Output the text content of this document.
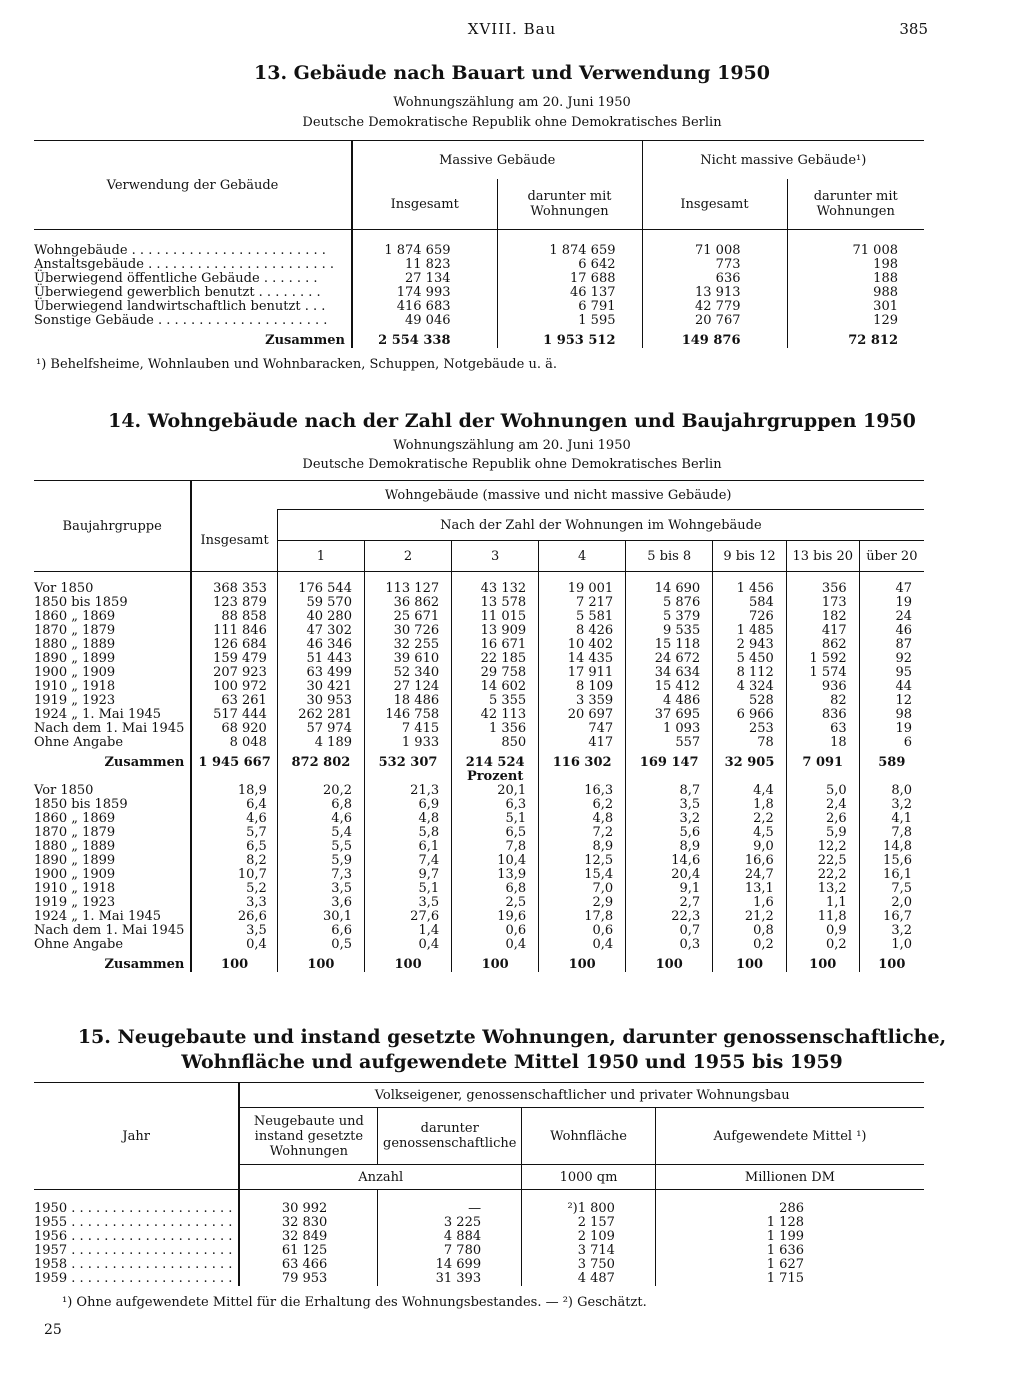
XVIII. Bau	385
13. Gebäude nach Bauart und Verwendung 1950
Wohnungszählung am 20. Juni 1950
Deutsche Demokratische Republik ohne Demokratisches Berlin
Verwendung der Gebäude	Massive Gebäude		Nicht massive Gebäude¹)	
	Insgesamt	darunter mit Wohnungen	Insgesamt	darunter mit Wohnungen

Wohngebäude . . . . . . . . . . . . . . . . . . . . . . . .	1 874 659	1 874 659	71 008	71 008
Anstaltsgebäude . . . . . . . . . . . . . . . . . . . . . . .	11 823	6 642	773	198
Überwiegend öffentliche Gebäude . . . . . . .	27 134	17 688	636	188
Überwiegend gewerblich benutzt . . . . . . . .	174 993	46 137	13 913	988
Überwiegend landwirtschaftlich benutzt . . .	416 683	6 791	42 779	301
Sonstige Gebäude . . . . . . . . . . . . . . . . . . . . .	49 046	1 595	20 767	129
Zusammen	2 554 338	1 953 512	149 876	72 812
¹) Behelfsheime, Wohnlauben und Wohnbaracken, Schuppen, Notgebäude u. ä.
14. Wohngebäude nach der Zahl der Wohnungen und Baujahrgruppen 1950
Wohnungszählung am 20. Juni 1950
Deutsche Demokratische Republik ohne Demokratisches Berlin
Baujahrgruppe	Wohngebäude (massive und nicht massive Gebäude)								
	Insgesamt	Nach der Zahl der Wohnungen im Wohngebäude							
		1	2	3	4	5 bis 8	9 bis 12	13 bis 20	über 20

Vor 1850	368 353	176 544	113 127	43 132	19 001	14 690	1 456	356	47
1850 bis 1859	123 879	59 570	36 862	13 578	7 217	5 876	584	173	19
1860 „ 1869	88 858	40 280	25 671	11 015	5 581	5 379	726	182	24
1870 „ 1879	111 846	47 302	30 726	13 909	8 426	9 535	1 485	417	46
1880 „ 1889	126 684	46 346	32 255	16 671	10 402	15 118	2 943	862	87
1890 „ 1899	159 479	51 443	39 610	22 185	14 435	24 672	5 450	1 592	92
1900 „ 1909	207 923	63 499	52 340	29 758	17 911	34 634	8 112	1 574	95
1910 „ 1918	100 972	30 421	27 124	14 602	8 109	15 412	4 324	936	44
1919 „ 1923	63 261	30 953	18 486	5 355	3 359	4 486	528	82	12
1924 „ 1. Mai 1945	517 444	262 281	146 758	42 113	20 697	37 695	6 966	836	98
Nach dem 1. Mai 1945	68 920	57 974	7 415	1 356	747	1 093	253	63	19
Ohne Angabe	8 048	4 189	1 933	850	417	557	78	18	6
Zusammen	1 945 667	872 802	532 307	214 524	116 302	169 147	32 905	7 091	589
				Prozent					
Vor 1850	18,9	20,2	21,3	20,1	16,3	8,7	4,4	5,0	8,0
1850 bis 1859	6,4	6,8	6,9	6,3	6,2	3,5	1,8	2,4	3,2
1860 „ 1869	4,6	4,6	4,8	5,1	4,8	3,2	2,2	2,6	4,1
1870 „ 1879	5,7	5,4	5,8	6,5	7,2	5,6	4,5	5,9	7,8
1880 „ 1889	6,5	5,5	6,1	7,8	8,9	8,9	9,0	12,2	14,8
1890 „ 1899	8,2	5,9	7,4	10,4	12,5	14,6	16,6	22,5	15,6
1900 „ 1909	10,7	7,3	9,7	13,9	15,4	20,4	24,7	22,2	16,1
1910 „ 1918	5,2	3,5	5,1	6,8	7,0	9,1	13,1	13,2	7,5
1919 „ 1923	3,3	3,6	3,5	2,5	2,9	2,7	1,6	1,1	2,0
1924 „ 1. Mai 1945	26,6	30,1	27,6	19,6	17,8	22,3	21,2	11,8	16,7
Nach dem 1. Mai 1945	3,5	6,6	1,4	0,6	0,6	0,7	0,8	0,9	3,2
Ohne Angabe	0,4	0,5	0,4	0,4	0,4	0,3	0,2	0,2	1,0
Zusammen	100	100	100	100	100	100	100	100	100
15. Neugebaute und instand gesetzte Wohnungen, darunter genossenschaftliche,
Wohnfläche und aufgewendete Mittel 1950 und 1955 bis 1959
Jahr	Volkseigener, genossenschaftlicher und privater Wohnungsbau			
	Neugebaute und instand gesetzte Wohnungen	darunter genossenschaftliche	Wohnfläche	Aufgewendete Mittel ¹)
	Anzahl		1000 qm	Millionen DM

1950 . . . . . . . . . . . . . . . . . . . .	30 992	—	²)1 800	286
1955 . . . . . . . . . . . . . . . . . . . .	32 830	3 225	2 157	1 128
1956 . . . . . . . . . . . . . . . . . . . .	32 849	4 884	2 109	1 199
1957 . . . . . . . . . . . . . . . . . . . .	61 125	7 780	3 714	1 636
1958 . . . . . . . . . . . . . . . . . . . .	63 466	14 699	3 750	1 627
1959 . . . . . . . . . . . . . . . . . . . .	79 953	31 393	4 487	1 715
¹) Ohne aufgewendete Mittel für die Erhaltung des Wohnungsbestandes. — ²) Geschätzt.
25
